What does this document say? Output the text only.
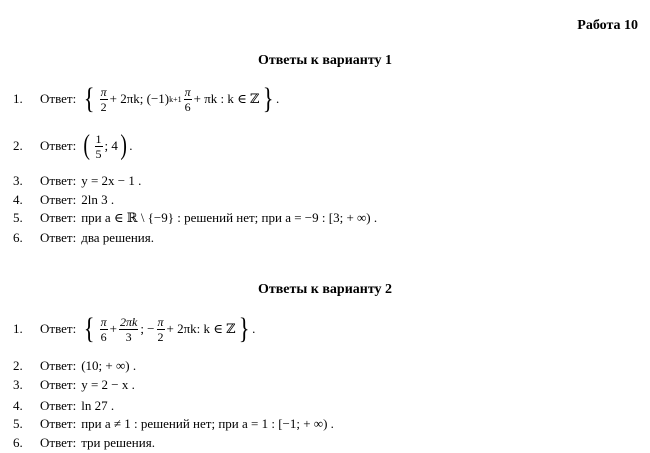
Работа 10
Ответы к варианту 1
1.	Ответ: { $\frac{\pi}{2} + 2\pi k$; (−1) $k+1 \frac{\pi}{6} + \pi k$ : k ∈ ℤ } .
2.	Ответ: ( $\frac{1}{5}$ ; 4 ) .
3.	Ответ: y = 2x − 1 .
4.	Ответ: 2ln 3 .
5.	Ответ: при a ∈ ℝ \ {−9} : решений нет; при a = −9 : [3; + ∞) .
6.	Ответ: два решения.
Ответы к варианту 2
1.	Ответ: { $\frac{\pi}{6} + \frac{2\pi k}{3}$ ; − $\frac{\pi}{2} + 2\pi k$: k ∈ ℤ } .
2.	Ответ: (10; + ∞) .
3.	Ответ: y = 2 − x .
4.	Ответ: ln 27 .
5.	Ответ: при a ≠ 1 : решений нет; при a = 1 : [−1; + ∞) .
6.	Ответ: три решения.
